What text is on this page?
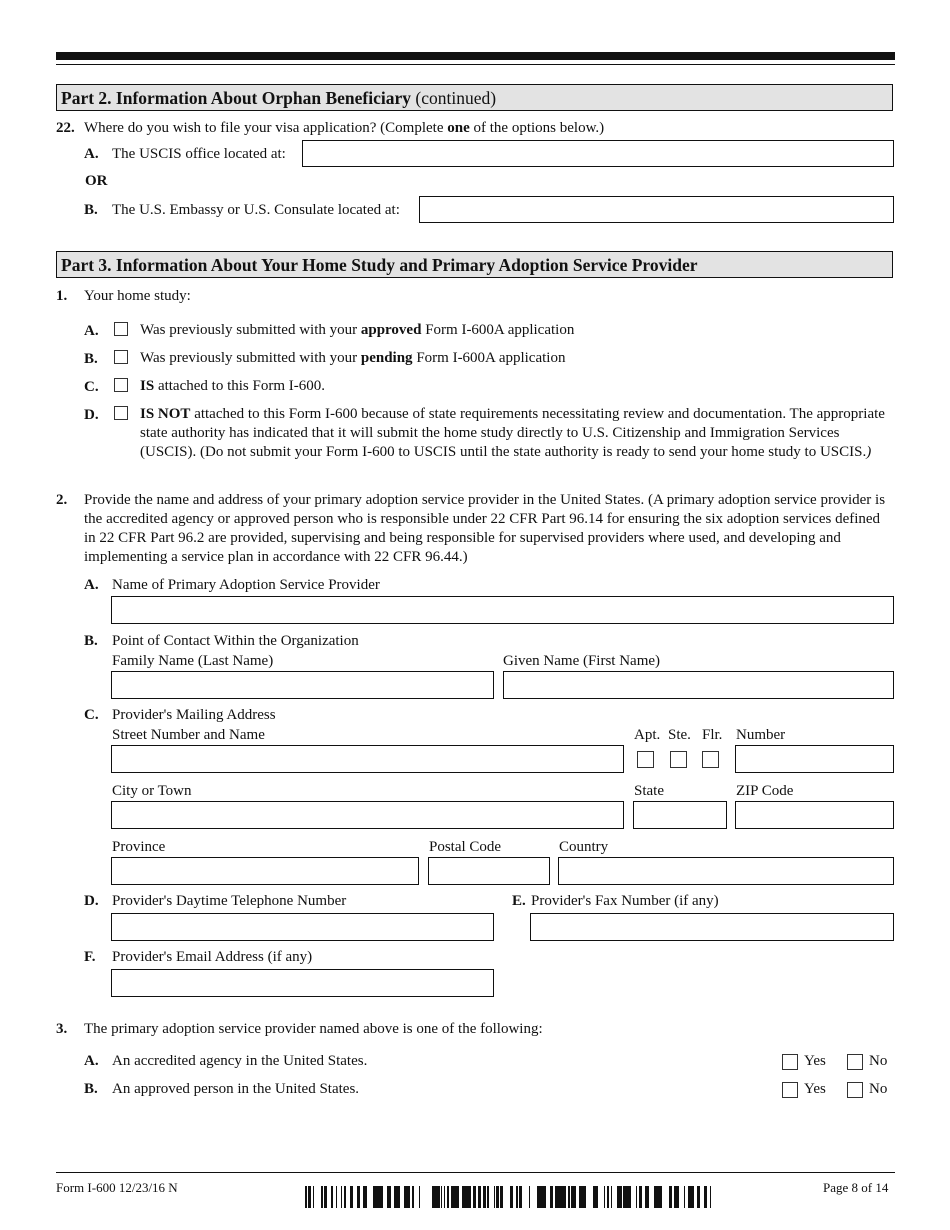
Part 2. Information About Orphan Beneficiary (continued)
22. Where do you wish to file your visa application? (Complete one of the options below.)
A. The USCIS office located at:
OR
B. The U.S. Embassy or U.S. Consulate located at:
Part 3. Information About Your Home Study and Primary Adoption Service Provider
1. Your home study:
A.	Was previously submitted with your approved Form I-600A application
B.	Was previously submitted with your pending Form I-600A application
C.	IS attached to this Form I-600.
D.	IS NOT attached to this Form I-600 because of state requirements necessitating review and documentation. The appropriate state authority has indicated that it will submit the home study directly to U.S. Citizenship and Immigration Services (USCIS). (Do not submit your Form I-600 to USCIS until the state authority is ready to send your home study to USCIS.)
2. Provide the name and address of your primary adoption service provider in the United States. (A primary adoption service provider is the accredited agency or approved person who is responsible under 22 CFR Part 96.14 for ensuring the six adoption services defined in 22 CFR Part 96.2 are provided, supervising and being responsible for supervised providers where used, and developing and implementing a service plan in accordance with 22 CFR 96.44.)
A. Name of Primary Adoption Service Provider
B. Point of Contact Within the Organization
Family Name (Last Name)	Given Name (First Name)
C. Provider's Mailing Address
Street Number and Name	Apt. Ste. Flr. Number
City or Town	State	ZIP Code
Province	Postal Code	Country
D. Provider's Daytime Telephone Number	E. Provider's Fax Number (if any)
F. Provider's Email Address (if any)
3. The primary adoption service provider named above is one of the following:
A. An accredited agency in the United States.	Yes	No
B. An approved person in the United States.	Yes	No
Form I-600 12/23/16 N	Page 8 of 14
